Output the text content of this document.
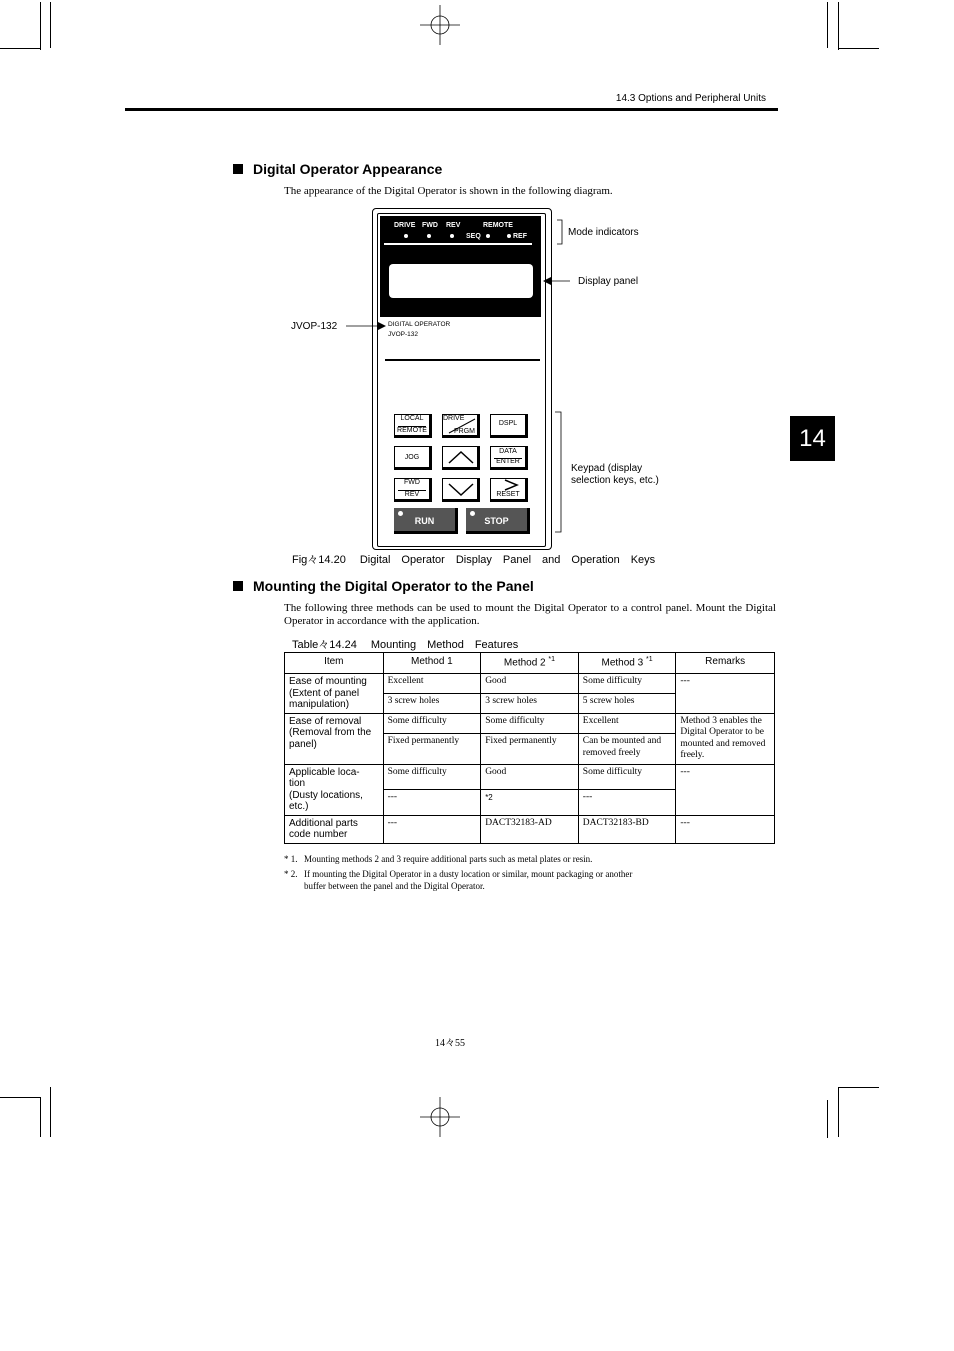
14.3 Options and Peripheral Units
14
Digital Operator Appearance
The appearance of the Digital Operator is shown in the following diagram.
DRIVE FWD REV	REMOTE
SEQ	REF
DIGITAL OPERATOR
JVOP-132
LOCAL
REMOTE
DRIVE
PRGM
DSPL
JOG
DATA
ENTER
FWD
REV	RESET
RUN	STOP
Mode indicators
Display panel
JVOP-132
Keypad (display
selection keys, etc.)
Fig々14.20　 Digital　Operator　Display　Panel　and　Operation　Keys
Mounting the Digital Operator to the Panel
The following three methods can be used to mount the Digital Operator to a control panel. Mount the Digital Operator in accordance with the application.
Table々14.24　 Mounting　Method　Features
Item	Method 1	Method 2 $^{*1}$	Method 3 $^{*1}$	Remarks

Ease of mounting
(Extent of panel
manipulation)	Excellent	Good	Some difficulty	---
	3 screw holes	3 screw holes	5 screw holes	

Ease of removal
(Removal from the
panel)	Some difficulty	Some difficulty	Excellent	Method 3 enables the Digital Operator to be mounted and removed freely.
	Fixed permanently	Fixed permanently	Can be mounted and removed freely	

Applicable loca-
tion
(Dusty locations,
etc.)	Some difficulty	Good	Some difficulty	---
	---	*2	---	

Additional parts
code number	---	DACT32183-AD	DACT32183-BD	---
* 1. Mounting methods 2 and 3 require additional parts such as metal plates or resin.
* 2. If mounting the Digital Operator in a dusty location or similar, mount packaging or another
buffer between the panel and the Digital Operator.
14々55
